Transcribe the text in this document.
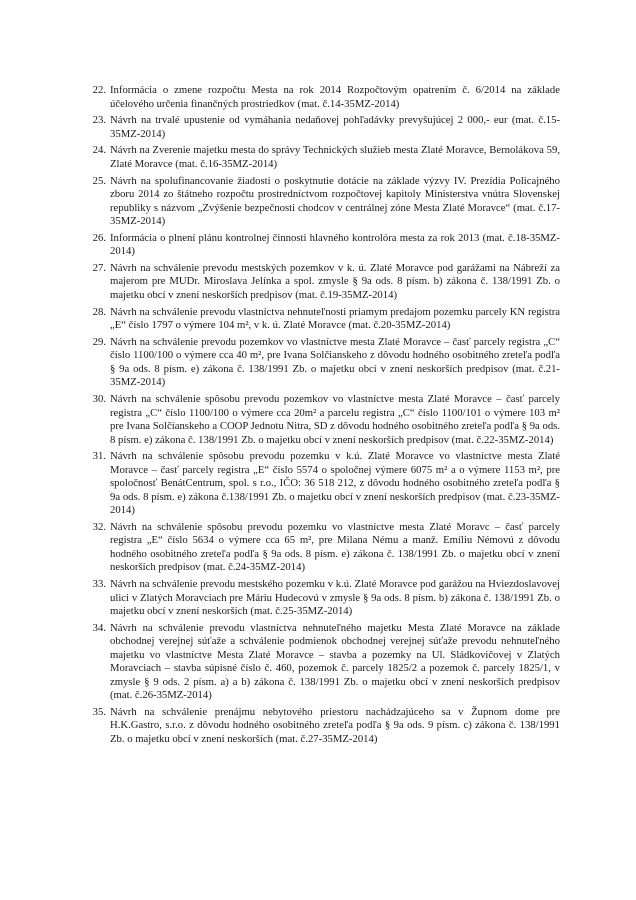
22. Informácia o zmene rozpočtu Mesta na rok 2014 Rozpočtovým opatrením č. 6/2014 na základe účelového určenia finančných prostriedkov (mat. č.14-35MZ-2014)
23. Návrh na trvalé upustenie od vymáhania nedaňovej pohľadávky prevyšujúcej 2 000,- eur (mat. č.15-35MZ-2014)
24. Návrh na Zverenie majetku mesta do správy Technických služieb mesta Zlaté Moravce, Bernolákova 59, Zlaté Moravce (mat. č.16-35MZ-2014)
25. Návrh na spolufinancovanie žiadosti o poskytnutie dotácie na základe výzvy IV. Prezídia Policajného zboru 2014 zo štátneho rozpočtu prostredníctvom rozpočtovej kapitoly Ministerstva vnútra Slovenskej republiky s názvom „Zvýšenie bezpečnosti chodcov v centrálnej zóne Mesta Zlaté Moravce“ (mat. č.17-35MZ-2014)
26. Informácia o plnení plánu kontrolnej činnosti hlavného kontrolóra mesta za rok 2013 (mat. č.18-35MZ-2014)
27. Návrh na schválenie prevodu mestských pozemkov v k. ú. Zlaté Moravce pod garážami na Nábreží za majerom pre MUDr. Miroslava Jelínka a spol. zmysle § 9a ods. 8 písm. b) zákona č. 138/1991 Zb. o majetku obcí v znení neskorších predpisov (mat. č.19-35MZ-2014)
28. Návrh na schválenie prevodu vlastníctva nehnuteľnosti priamym predajom pozemku parcely KN registra „E“ číslo 1797 o výmere 104 m², v k. ú. Zlaté Moravce (mat. č.20-35MZ-2014)
29. Návrh na schválenie prevodu pozemkov vo vlastníctve mesta Zlaté Moravce – časť parcely registra „C“ číslo 1100/100 o výmere cca 40 m², pre Ivana Solčianskeho z dôvodu hodného osobitného zreteľa podľa § 9a ods. 8 písm. e) zákona č. 138/1991 Zb. o majetku obcí v znení neskorších predpisov (mat. č.21-35MZ-2014)
30. Návrh na schválenie spôsobu prevodu pozemkov vo vlastníctve mesta Zlaté Moravce – časť parcely registra „C“ číslo 1100/100 o výmere cca 20m² a parcelu registra „C“ číslo 1100/101 o výmere 103 m² pre Ivana Solčianskeho a COOP Jednotu Nitra, SD z dôvodu hodného osobitného zreteľa podľa § 9a ods. 8 písm. e) zákona č. 138/1991 Zb. o majetku obcí v znení neskorších predpisov (mat. č.22-35MZ-2014)
31. Návrh na schválenie spôsobu prevodu pozemku v k.ú. Zlaté Moravce vo vlastníctve mesta Zlaté Moravce – časť parcely registra „E“ číslo 5574 o spoločnej výmere 6075 m² a o výmere 1153 m², pre spoločnosť BenátCentrum, spol. s r.o., IČO: 36 518 212, z dôvodu hodného osobitného zreteľa podľa § 9a ods. 8 písm. e) zákona č.138/1991 Zb. o majetku obcí v znení neskorších predpisov (mat. č.23-35MZ-2014)
32. Návrh na schválenie spôsobu prevodu pozemku vo vlastníctve mesta Zlaté Moravc – časť parcely registra „E“ číslo 5634 o výmere cca 65 m², pre Milana Nému a manž. Emíliu Némovú z dôvodu hodného osobitného zreteľa podľa § 9a ods. 8 písm. e) zákona č. 138/1991 Zb. o majetku obcí v znení neskorších predpisov (mat. č.24-35MZ-2014)
33. Návrh na schválenie prevodu mestského pozemku v k.ú. Zlaté Moravce pod garážou na Hviezdoslavovej ulici v Zlatých Moravciach pre Máriu Hudecovú v zmysle § 9a ods. 8 písm. b) zákona č. 138/1991 Zb. o majetku obcí v znení neskorších (mat. č.25-35MZ-2014)
34. Návrh na schválenie prevodu vlastníctva nehnuteľného majetku Mesta Zlaté Moravce na základe obchodnej verejnej súťaže a schválenie podmienok obchodnej verejnej súťaže prevodu nehnuteľného majetku vo vlastníctve Mesta Zlaté Moravce – stavba a pozemky na Ul. Sládkovičovej v Zlatých Moravciach – stavba súpisné číslo č. 460, pozemok č. parcely 1825/2 a pozemok č. parcely 1825/1, v zmysle § 9 ods. 2 písm. a) a b) zákona č. 138/1991 Zb. o majetku obcí v znení neskorších predpisov (mat. č.26-35MZ-2014)
35. Návrh na schválenie prenájmu nebytového priestoru nachádzajúceho sa v Župnom dome pre H.K.Gastro, s.r.o. z dôvodu hodného osobitného zreteľa podľa § 9a ods. 9 písm. c) zákona č. 138/1991 Zb. o majetku obcí v znení neskorších (mat. č.27-35MZ-2014)
